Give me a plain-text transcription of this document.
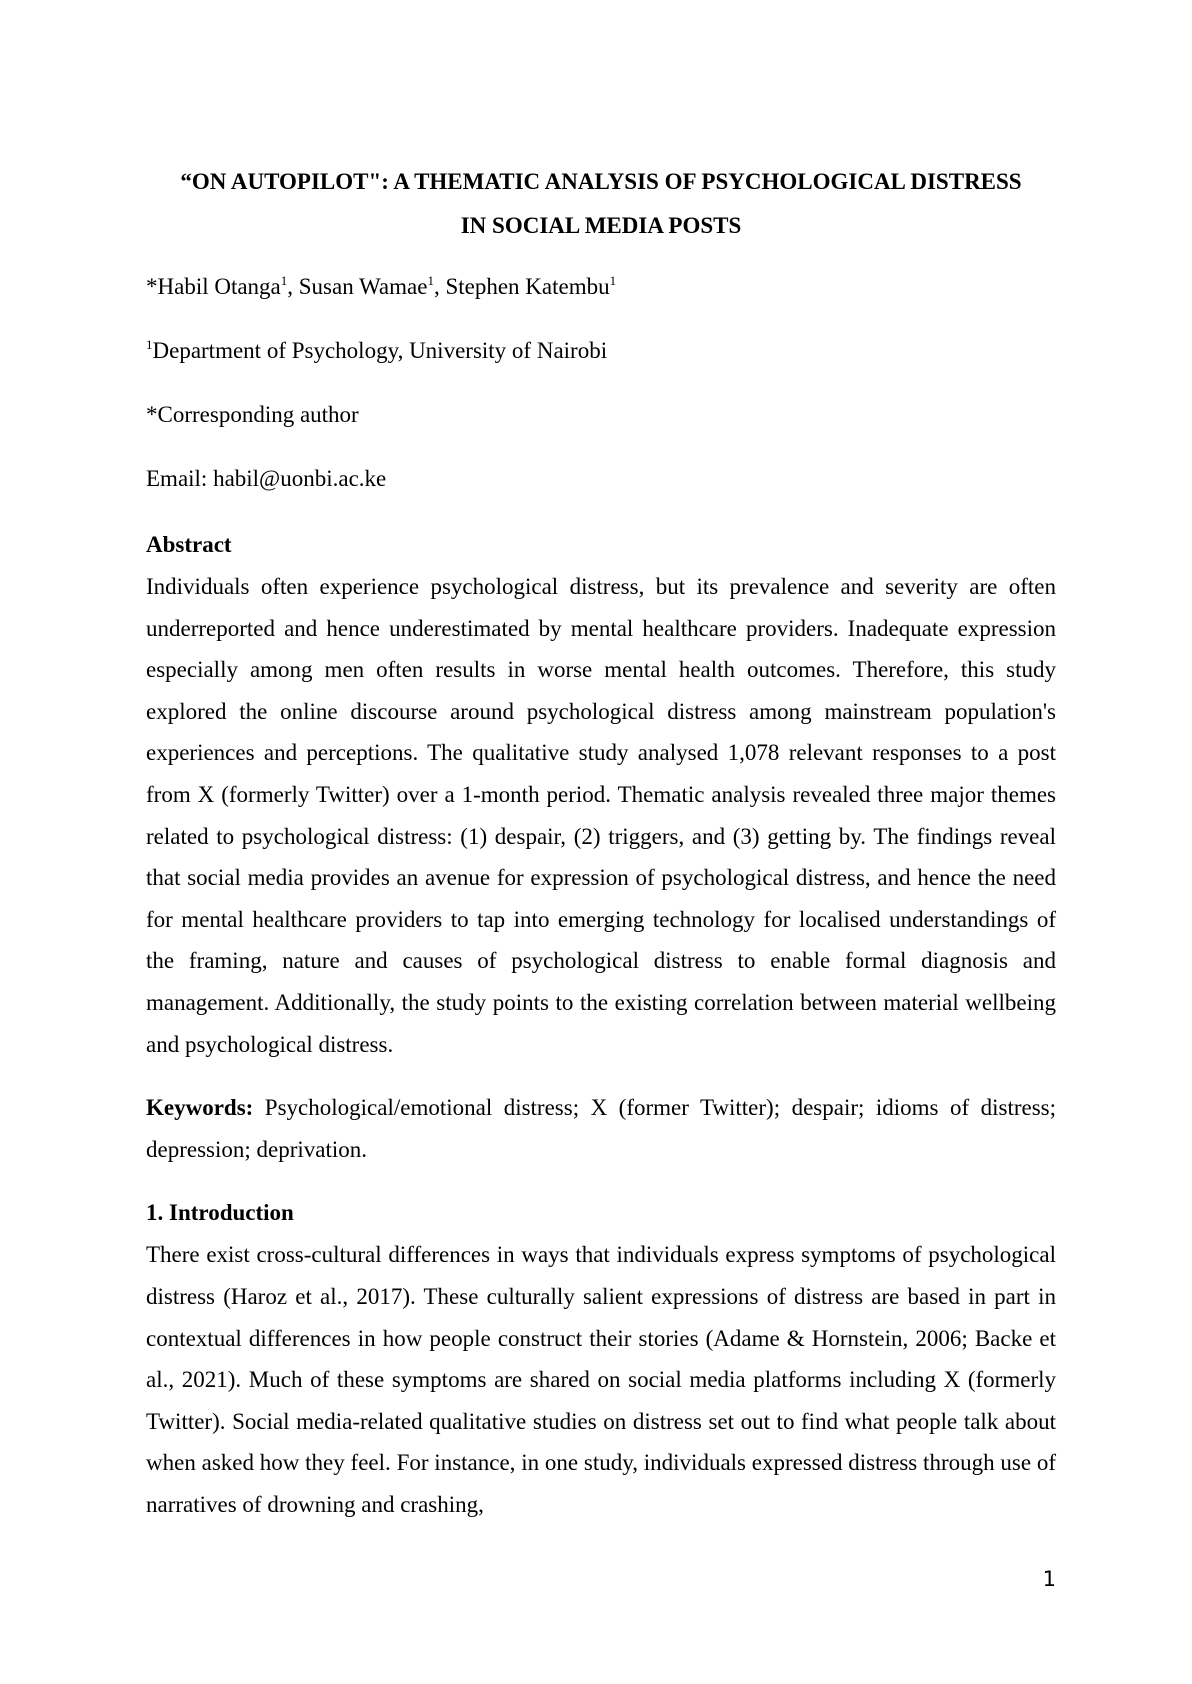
“ON AUTOPILOT": A THEMATIC ANALYSIS OF PSYCHOLOGICAL DISTRESS
IN SOCIAL MEDIA POSTS

*Habil Otanga$^1$, Susan Wamae$^1$, Stephen Katembu$^1$

$^1$Department of Psychology, University of Nairobi

*Corresponding author

Email: habil@uonbi.ac.ke

Abstract

Individuals often experience psychological distress, but its prevalence and severity are often underreported and hence underestimated by mental healthcare providers. Inadequate expression especially among men often results in worse mental health outcomes. Therefore, this study explored the online discourse around psychological distress among mainstream population's experiences and perceptions. The qualitative study analysed 1,078 relevant responses to a post from X (formerly Twitter) over a 1-month period. Thematic analysis revealed three major themes related to psychological distress: (1) despair, (2) triggers, and (3) getting by. The findings reveal that social media provides an avenue for expression of psychological distress, and hence the need for mental healthcare providers to tap into emerging technology for localised understandings of the framing, nature and causes of psychological distress to enable formal diagnosis and management. Additionally, the study points to the existing correlation between material wellbeing and psychological distress.

Keywords: Psychological/emotional distress; X (former Twitter); despair; idioms of distress; depression; deprivation.

1. Introduction

There exist cross-cultural differences in ways that individuals express symptoms of psychological distress (Haroz et al., 2017). These culturally salient expressions of distress are based in part in contextual differences in how people construct their stories (Adame & Hornstein, 2006; Backe et al., 2021). Much of these symptoms are shared on social media platforms including X (formerly Twitter). Social media-related qualitative studies on distress set out to find what people talk about when asked how they feel. For instance, in one study, individuals expressed distress through use of narratives of drowning and crashing,

1
